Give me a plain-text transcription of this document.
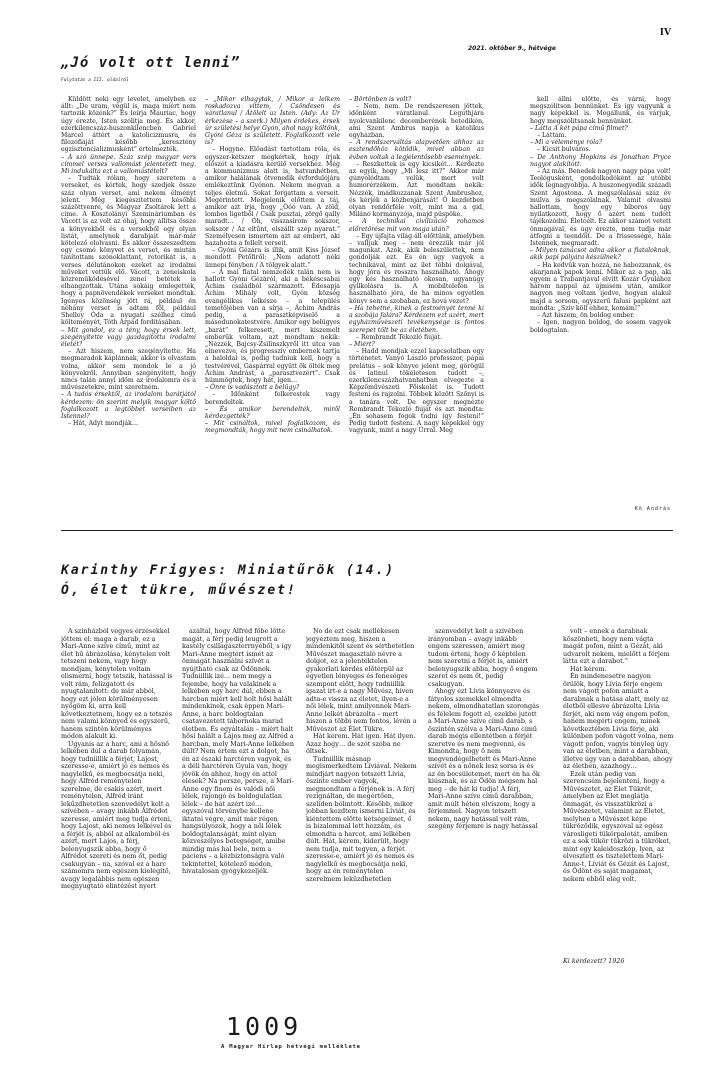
IV
2021. október 9., hétvége
„Jó volt ott lenni”
Folytatás a III. oldalról

Küldött neki egy levelet, amelyben ez állt: „De uram, végül is, maga miért nem tartozik közénk?” És leírja Mauriac, hogy úgy érezte, Isten szólítja meg. És akkor, ezerkilencszáz-huszonkilencben Gabriel Marcel áttért a katolicizmusra, és filozófiáját később „keresztény egzisztencializmusként” értelmezték.

– A szó ünnepe. Száz szép magyar vers címmel verses vallomást jelentetett meg. Mi indukálta ezt a vallomástételt?

– Tudták rólam, hogy szeretem a verseket, és kértek, hogy szedjek össze száz olyan verset, ami nekem élményt jelent. Még kiegészítettem későbbi százöttvenre, és Magyar Zsoltárok lett a címe. A Kosztolányi Szemináriumban és Vácott is az volt az óhaj, hogy állítsa össze a könyvekből és a versekből egy olyan listát, amelynek darabjait már-már kötelező elolvasni. És akkor összeszedtem egy csomó könyvet és verset, és miután tanítottam szónoklattant, retorikát is, a verses délutánokon ezeket az irodalmi műveket vettük elő. Vácott, a zeneiskola közreműködésével zenei betétek is elhangzottak. Utána sokáig emlegették, hogy a papnövendékek verseket mondtak. Igényes közönség jött rá, például én néhány verset is adtam föl, például Shelley Óda a nyugati szélhez című költeményét, Tóth Árpád fordításában.

– Mit gondol, ez a tény, hogy érsek lett, szegényítette vagy gazdagította irodalmi életét?

– Azt hiszem, nem szegényítette. Ha megmaradok káplánnak, akkor is olvastam volna, akkor sem mondok le a jó könyvekről. Annyiban szegényített, hogy nincs talán annyi időm az irodalomra és a művészetekre, mint szeretném.

– A tudós érsektől, az irodalom barátjától kérdezem: ön szerint melyik magyar költő foglalkozott a legtöbbet verseiben az Istennel?

– Hát, Adyt mondják…

– „Mikor elhagytak, / Mikor a lelkem roskadozva vittem, / Csöndesen és váratlanul / Átölelt az Isten. (Ady: Az Úr érkezése – a szerk.) Milyen érdekes, érsek úr születési helye Gyón, ahol nagy költőnk, Gyóni Géza is született. Foglalkozott vele is?

– Hogyne. Előadást tartottam róla, és egyszer-kétszer megkértek, hogy írjak előszót a kiadásra kerülő versekhez. Még a kommunizmus alatt is, hatvanhétben, amikor halálának ötvenedik évfordulójára emlékeztünk Gyónon. Nekem megvan a teljes életmű. Sokat forgattam a verseit. Megérintett. Megjelenik előttem a táj, amikor azt írja, hogy „Óóó van. A zöld, lombos ligetből / Csak pusztai, zörgő gally maradt… / Óh, visszasírom sokszor, sokszor / Az eltűnt, elszállt szép nyarat.” Személyesen ismertem azt az embert, aki hazahozta a fellelt verseit.

– Gyóni Gézára is illik, amit Kiss József mondott Petőfiről: „Nem adatott néki ünnepi fényben / A tölgyek alatt.”

– A mai fiatal nemzedék talán nem is hallott Gyóni Gézáról, aki a békéscsabai Áchim családból származott. Édesapja Áchim Mihály volt, Gyón község evangélikus lelkésze – a település temetőjében van a sírja –, Áchim András pedig, a parasztképviselő a másodunokatestvére. Amikor egy belügyes „barát” felkeresett, mert kiszemelt emberük voltam, azt mondtam nekik: „Nézzék, Bajcsy-Zsilinszkyről itt utca van elnevezve, és progresszív embernek tartja a baloldal is, pedig tudniuk kell, hogy a testvérével, Gáspárral együtt ők ölték meg Áchim Andrást, a „parasztvezért”. Csak hümmögtek, hogy hát, igen…

– Önre is vadásztott a belügy?

– Időnként felkerestek vagy berendeltek.

– És amikor berendelték, miről kérdezgették?

– Mit csináltok, mivel foglalkozom, és megmondták, hogy mit nem csinálhatok.

– Börtönben is volt?

– Nem, nem. De rendszeresen jöttek, időnként váratlanul. Leguthjára nyolcvankilenc decemberének hetedikén, ami Szent Ambrus napja a katolikus egyházban.

– A rendszerváltás alapvetően ahhoz az esztendőhöz kötődik, mivel abban az évben voltak a legjelentősebb események.

– Reszkettek is egy kicsikét… Kérdezte az egyik, hogy „Mi lesz itt?” Akkor már gúnyolódtam velük, mert volt humorérzékem. Azt mondtam nekik: Nézzék, imádkozzanak Szent Ambrushoz, és kérjék a közbenjárását! Ő kezdetben olyan rendőrféle volt, mint ma a gid, Milánó kormányzója, majd püspöke.

– A technikai civilizáció rohamos előretörése mit von maga után?

– Egy újfajta világ áll előttünk, amelyben – valljuk meg – nem érezzük már jól magunkat. Azok, akik beleszülettek, nem gondolják ezt. És én úgy vagyok a technikával, mint az ilet többi dolgával, hogy jóra és rosszra használható. Ahogy egy kés használható okosan, ugyanúgy gyilkolásra is. A mobiltelefon is használható jóra, de ha minos egyetlen könyv sem a szobában, ez hová vezet?

– Ha tehetné, kinek a festményét tenné ki a szobája falára? Kérdezem ezt azért, mert egyházművészeti tevékenysége is fontos szerepet tölt be az életében.

– Rembrandt Tékozló fiúját.

– Miért?

– Hadd mondjak ezzel kapcsolatban egy történetet. Vanyó László professzor, pápai prelátus – sok könyve jelent meg, görögül és latinul tökéletesen tudott –, ezerkilencszázhatvanhatban elvegezte a Képzőművészeti Főiskolát is. Tudott festeni és rajzolni. Többek között Szőnyi is a tanára volt. De egyszer megnézte Rembrandt Tékozló fiúját és azt mondta: „Én sohasem fogok tudni így festeni!” Pedig tudott festeni. A nagy képekkel úgy vagyunk, mint a nagy Úrral. Meg

kell állni előtte, és várni, hogy megszólítson bennünket. És így vagyunk a nagy képekkel is. Megállunk, és várjuk, hogy megszólítsanak bennünket.

– Látta A két pápa című filmet?

– Láttam.

– Mi a véleménye róla?

– Kicsit bulváros.

– De Anthony Hopkins és Jonathan Pryce nagyot alakított.

– Az más. Benedek nagyon nagy pápa volt! Teológusként, gondolkodóként az utóbbi idők legnagyobbja. A huszonegyedik századi Szent Agostona. A megszólalásai száz év múlva is megszólalnak. Valamit olvasmi hallottam, hogy egy bíboros úgy nyilatkozott, hogy ő azért nem tudott tájékozódni. Életcélt. Ez akkor számot vetett önmagával, és úgy érezte, nem tudja már átfogni a teendőit. De a frissessége, hála Istennek, megmaradt.

– Milyen tanácsot adna akkor a fiataloknak, akik papi pályára készülnek?

– Ha kedvük van hozzá, ne habozzanak, és akarjanak papok lenni. Mikor az a pap, aki egyem a Trabantjával elvitt Kozár Gyulához három nappal az újmisém után, amikor nagyon meg voltam ijedve, hogyan alakul majd a sorsom, egyszerű falusi papként azt mondta: „Szív köll ehhez, komám!”

– Azt hiszem, ön boldog ember.

– Igen, nagyon boldog, de sosem vagyok boldogtalan.

Kő András

Karinthy Frigyes: Miniatűrök (14.)
Ó, élet tükre, művészet!

A színházból vegyes érzésekkel jöttem el: maga a darab, ez a Mari-Anne szíve című, mint az élet hű ábrázolása, kényteleп volt tetszeni nekem, vagy hogy mondjam, kénytelen voltam elismerni, hogy tetszik, hatással is volt rám, felizgatott és nyugtalanított: de már abból, hogy ezt jóleп körülményesen nyögöm ki, arra kell következtetnem, hogy ez a tetszés nem valami könnyed és egyszerű, hanem szintén körülményes módon alakult ki.

Ugyanis az a harc, ami a hősnő lelkében dúl a darab folyamán, hogy tudniillik a férjét, Lajost, szeresse-e, amiért jó és nemes és nagylelkű, és megbocsátja neki, hogy Alfréd reménytelen szerelme, de csakis azért, mert reménytelen, Alfréd iránt lekűzdhetetlen szenvedélyt kelt a szívében – avagy inkább Alfrédot szeresse, amiért meg tudja érteni, hogy Lajost, aki nemes lelkével és a férjét is, abból az alkalomból és azért, mert Lajos, a férj, belenyugszik abba, hogy ő Alfrédot szereti és nem őt, pedig csakugyan – na, szóval ez a harc számomra nem egészen kielégítő, avagy legalábbis nem egészen megnyugtató elintézést nyert

azáltal, hogy Alfréd főbe lőtte magát, a férj pedig leugrott a kastély csillagászterrnyéből, s így Mari-Anne megtért ismét az önmagát használni szívét a nyújtható csak az Ödönnek. Tudniillik izé… nem megy a fejembe, hogy ha valakinek a lelkében egy harc dúl, ebben a harcban miért kell holt hősi halált mindenkinek, csak éppen Mari-Anne, a harc boldogtalan csatavezetett tábornoka marad életben. És egyáltalán – miért halt hősi halált a Lajos meg az Alfréd a harcban, mely Mari-Anne lelkében dúlt? Nem értem ezt a dolgot, ha én az északi harctéren vagyok, és a déli harctéren Gyula van, hogy jövök én ahhoz, hogy én attól elesek? Na persze, persze, a Mari-Anne egy finom és valódi női lélek, rajongó és boldogulatlan lélek – de hát azért izé… egyszóval törvénybe kellene iktatni végre, amit már régen hangsúlyozok, hogy a női lélek boldogtalanságát, mint olyan közveszélyes betegséget, amibe mindig más hal bele, nem a páciens – a közbiztonságra való tekintettel, kötelező módon, hivatalosan gyógykezeljék.

No de ezt csak mellékesen jegyeztem meg, hiszen a mindenkitől szent és sérthetetlen Művészet magasztaló névre a dolgot, ez a jelentéktelen gyakorlati kérdés előtérpül az egyetlen lényeges és feneséges szempont előtt, hogy tudniillik igazat írt-e a nagy Művész, hiven adta-e vissza az életet, ilyen-e a női lélek, mint amilyennek Mari-Anne lelkét ábrázolta – mert hiszen a többi nem fontos, lévén a Művészet az Élet Tükre.

Hát kérem. Hát igen. Hát ilyen. Azaz hogy… de szót szóba ne öltsek.

Tudniillik másnap megismerkedtem Líviával. Nekem mindjárt nagyon tetszett Lívia, öszinte ember vagyok, megmondtam a férjének is. A férj rezignáltan, de megértően, szelíden bólintott. Később, mikor jobban kezdtem ismerni Líviát, és kiéntettem előtte kétségeimet, ő is bizalommal lett hozzám, és elmondta a harcot, ami lelkében dúlt. Hát, kérem, kiderült, hogy nem tudja, mit tegyen, a férjét szeresse-e, amiért jó és nemes és nagylelkű és megbocsátja neki, hogy az én reménytelen szerelmem lekűzdhetetlen

szenvedélyt kelt a szívében irányomban – avagy inkább engem szeressen, amiért meg tudom érteni, hogy ő képtelen nem szeretni a férjét is, amiért belenyugszik abba, hogy ő engem szeret és nem őt, pedig csakugyan.

Ahogy ezt Lívia könnyezve és fátyolos szemekkel elmondta nekem, elmondhatatlan szorongás és félelem fogott el, ezekbe jutott a Mari-Anne szíve című darab, s öszintén szólva a Mari-Anne című darab mégis ellentétben a férjét szeretve és nem megvenni, és Kimondta, hogy ő nem megvendégelhetett és Mari-Anne szívét és a nőnek lesz sorsa is és az én becsületemet, mert én ha ők kiúsznak, és az Ödön mégsem hal meg – de hát ki tudja! A férj, Mari-Anne szíve című darabban, amit múlt héten elviszem, hogy a férjemmel. Nagyon tetszett nekem, nagy hatással volt rám, szegény férjemre is nagy hatással

volt – ennek a darabnak köszönheti, hogy nem vágta magát pofon, mint a Gézát, aki udvarolt nekem, mielőtt a férjem látta ezt a darabot.”

Hát kérem.

Én mindenesetre nagyon örülök, hogy Lívia férje engem nem vágott pofon amiatt a darabnak a hatása alatt, mely az életből ellesve ábrázolta Lívia férjét, aki nem vág engem pofon, hanem megérti engem, minek következtében Lívia férje, aki különben pofon vágott volna, nem vágott pofon, vagyis tényleg úgy van az életben, mint a darabban, illetve úgy van a darabban, ahogy az életben, azazhogy…

Ezek után pedig van szerencsém bejelenteni, hogy a Művészetet, az Élet Tükrét, amelyben az Élet meglátja önmagát, és visszatükrözi a Művészetet, valamint az Életet, melyben a Művészet képe tükröződik, egyszóval az egész városligeti tükörpalotát, amiben ez a sok tükör tükrözi a tükröket, mint egy kaleidoszkóp, lyen, az elvesztett és tisztelettem Mari-Anne-t, Líviát és Gézát és Lajost, és Ödönt és saját magamat, nekem ebből elég volt.

Ki kérdezett? 1926

1009
A Magyar Hírlap hétvégi melléklete
